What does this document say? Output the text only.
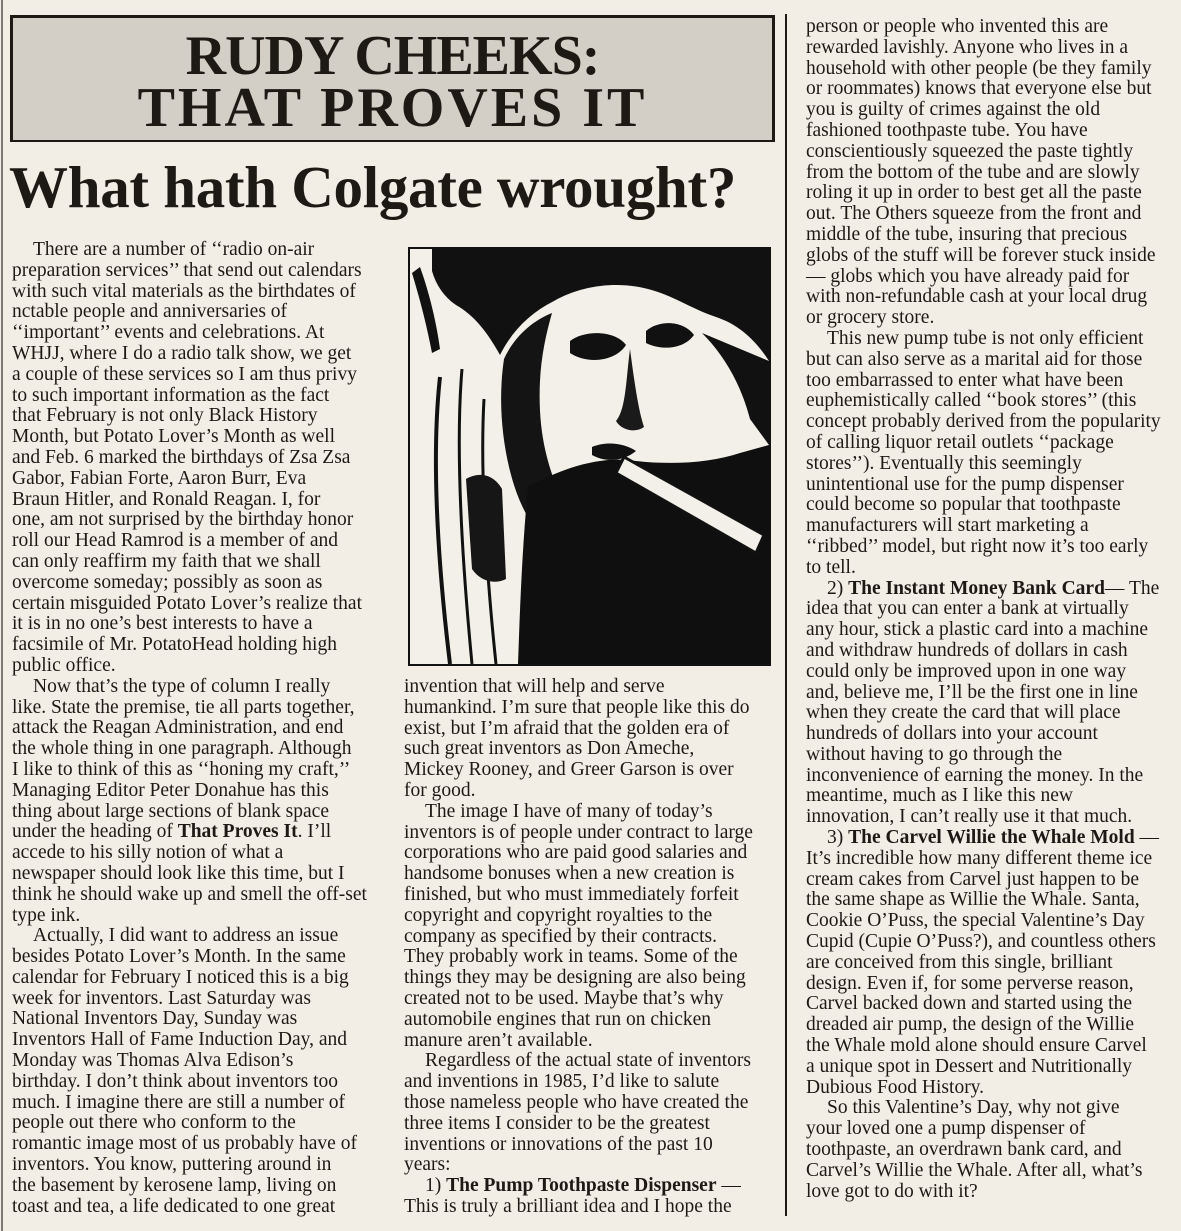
RUDY CHEEKS:
THAT PROVES IT
What hath Colgate wrought?
There are a number of ‘‘radio on-air
preparation services’’ that send out calendars
with such vital materials as the birthdates of
nctable people and anniversaries of
‘‘important’’ events and celebrations. At
WHJJ, where I do a radio talk show, we get
a couple of these services so I am thus privy
to such important information as the fact
that February is not only Black History
Month, but Potato Lover’s Month as well
and Feb. 6 marked the birthdays of Zsa Zsa
Gabor, Fabian Forte, Aaron Burr, Eva
Braun Hitler, and Ronald Reagan. I, for
one, am not surprised by the birthday honor
roll our Head Ramrod is a member of and
can only reaffirm my faith that we shall
overcome someday; possibly as soon as
certain misguided Potato Lover’s realize that
it is in no one’s best interests to have a
facsimile of Mr. PotatoHead holding high
public office.
Now that’s the type of column I really
like. State the premise, tie all parts together,
attack the Reagan Administration, and end
the whole thing in one paragraph. Although
I like to think of this as ‘‘honing my craft,’’
Managing Editor Peter Donahue has this
thing about large sections of blank space
under the heading of That Proves It. I’ll
accede to his silly notion of what a
newspaper should look like this time, but I
think he should wake up and smell the off-set
type ink.
Actually, I did want to address an issue
besides Potato Lover’s Month. In the same
calendar for February I noticed this is a big
week for inventors. Last Saturday was
National Inventors Day, Sunday was
Inventors Hall of Fame Induction Day, and
Monday was Thomas Alva Edison’s
birthday. I don’t think about inventors too
much. I imagine there are still a number of
people out there who conform to the
romantic image most of us probably have of
inventors. You know, puttering around in
the basement by kerosene lamp, living on
toast and tea, a life dedicated to one great
invention that will help and serve
humankind. I’m sure that people like this do
exist, but I’m afraid that the golden era of
such great inventors as Don Ameche,
Mickey Rooney, and Greer Garson is over
for good.
The image I have of many of today’s
inventors is of people under contract to large
corporations who are paid good salaries and
handsome bonuses when a new creation is
finished, but who must immediately forfeit
copyright and copyright royalties to the
company as specified by their contracts.
They probably work in teams. Some of the
things they may be designing are also being
created not to be used. Maybe that’s why
automobile engines that run on chicken
manure aren’t available.
Regardless of the actual state of inventors
and inventions in 1985, I’d like to salute
those nameless people who have created the
three items I consider to be the greatest
inventions or innovations of the past 10
years:
1) The Pump Toothpaste Dispenser —
This is truly a brilliant idea and I hope the
person or people who invented this are
rewarded lavishly. Anyone who lives in a
household with other people (be they family
or roommates) knows that everyone else but
you is guilty of crimes against the old
fashioned toothpaste tube. You have
conscientiously squeezed the paste tightly
from the bottom of the tube and are slowly
roling it up in order to best get all the paste
out. The Others squeeze from the front and
middle of the tube, insuring that precious
globs of the stuff will be forever stuck inside
— globs which you have already paid for
with non-refundable cash at your local drug
or grocery store.
This new pump tube is not only efficient
but can also serve as a marital aid for those
too embarrassed to enter what have been
euphemistically called ‘‘book stores’’ (this
concept probably derived from the popularity
of calling liquor retail outlets ‘‘package
stores’’). Eventually this seemingly
unintentional use for the pump dispenser
could become so popular that toothpaste
manufacturers will start marketing a
‘‘ribbed’’ model, but right now it’s too early
to tell.
2) The Instant Money Bank Card— The
idea that you can enter a bank at virtually
any hour, stick a plastic card into a machine
and withdraw hundreds of dollars in cash
could only be improved upon in one way
and, believe me, I’ll be the first one in line
when they create the card that will place
hundreds of dollars into your account
without having to go through the
inconvenience of earning the money. In the
meantime, much as I like this new
innovation, I can’t really use it that much.
3) The Carvel Willie the Whale Mold —
It’s incredible how many different theme ice
cream cakes from Carvel just happen to be
the same shape as Willie the Whale. Santa,
Cookie O’Puss, the special Valentine’s Day
Cupid (Cupie O’Puss?), and countless others
are conceived from this single, brilliant
design. Even if, for some perverse reason,
Carvel backed down and started using the
dreaded air pump, the design of the Willie
the Whale mold alone should ensure Carvel
a unique spot in Dessert and Nutritionally
Dubious Food History.
So this Valentine’s Day, why not give
your loved one a pump dispenser of
toothpaste, an overdrawn bank card, and
Carvel’s Willie the Whale. After all, what’s
love got to do with it?
